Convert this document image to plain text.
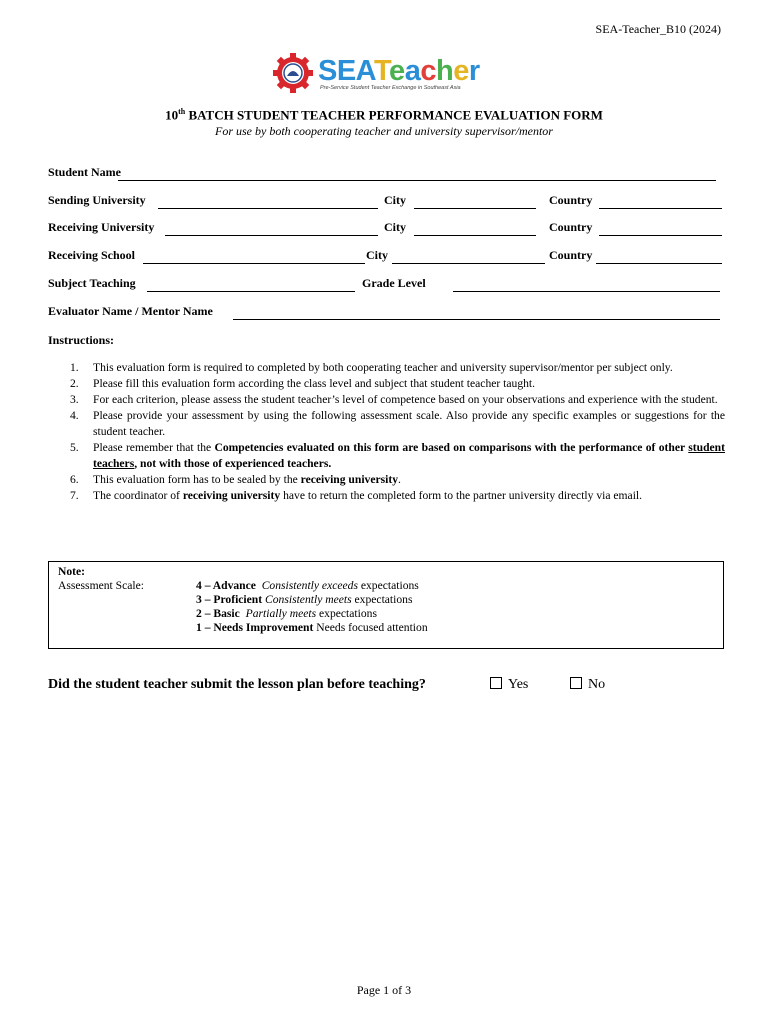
SEA-Teacher_B10 (2024)
SEATeacher
Pre-Service Student Teacher Exchange in Southeast Asia
10th BATCH STUDENT TEACHER PERFORMANCE EVALUATION FORM
For use by both cooperating teacher and university supervisor/mentor
Student Name
Sending University	City	Country
Receiving University	City	Country
Receiving School	City	Country
Subject Teaching	Grade Level
Evaluator Name / Mentor Name
Instructions:
1.	This evaluation form is required to completed by both cooperating teacher and university supervisor/mentor per subject only.
2.	Please fill this evaluation form according the class level and subject that student teacher taught.
3.	For each criterion, please assess the student teacher’s level of competence based on your observations and experience with the student.
4.	Please provide your assessment by using the following assessment scale. Also provide any specific examples or suggestions for the student teacher.
5.	Please remember that the Competencies evaluated on this form are based on comparisons with the performance of other student teachers, not with those of experienced teachers.
6.	This evaluation form has to be sealed by the receiving university.
7.	The coordinator of receiving university have to return the completed form to the partner university directly via email.
Note:
Assessment Scale:	4 – Advance Consistently exceeds expectations
3 – Proficient Consistently meets expectations
2 – Basic Partially meets expectations
1 – Needs Improvement Needs focused attention
Did the student teacher submit the lesson plan before teaching?	Yes	No
Page 1 of 3
